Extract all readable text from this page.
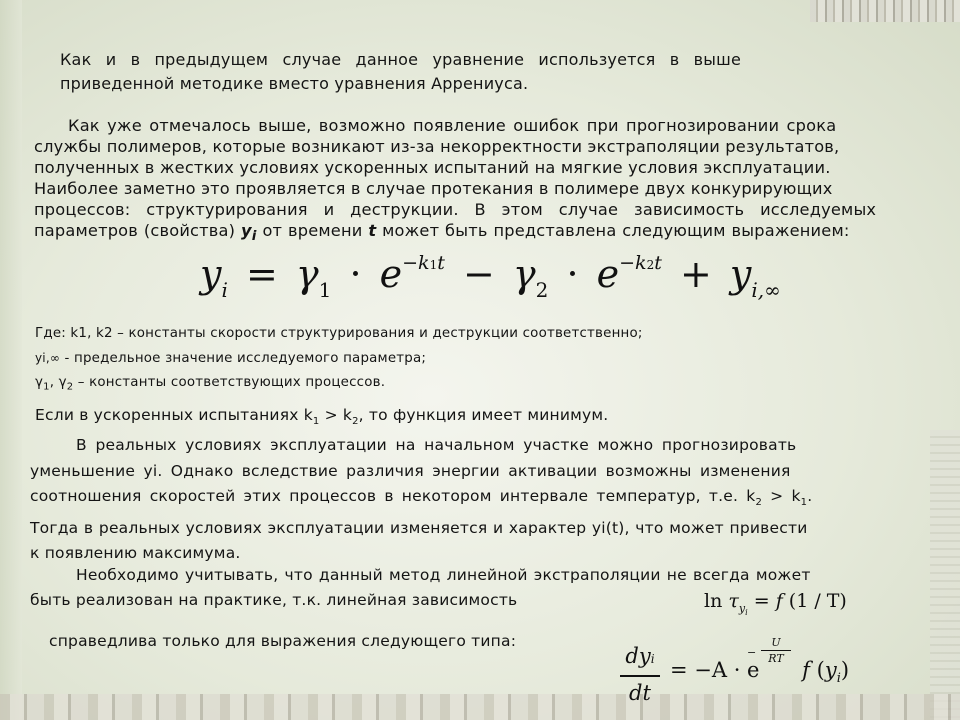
Как и в предыдущем случае данное уравнение используется в выше
приведенной методике вместо уравнения Аррениуса.
Как уже отмечалось выше, возможно появление ошибок при прогнозировании срока
службы полимеров, которые возникают из-за некорректности экстраполяции результатов,
полученных в жестких условиях ускоренных испытаний на мягкие условия эксплуатации.
Наиболее заметно это проявляется в случае протекания в полимере двух конкурирующих
процессов: структурирования и деструкции. В этом случае зависимость исследуемых
параметров (свойства) $y_i$ от времени t может быть представлена следующим выражением:
$y_i = \gamma_1 \cdot e^{-k1t} - \gamma_2 \cdot e^{-k2t} + y_{i,\infty}$
Где: k1, k2 – константы скорости структурирования и деструкции соответственно;
yi,∞ - предельное значение исследуемого параметра;
$\gamma_1$, $\gamma_2$ – константы соответствующих процессов.
Если в ускоренных испытаниях $k_1 > k_2$, то функция имеет минимум.
В реальных условиях эксплуатации на начальном участке можно прогнозировать
уменьшение yi. Однако вследствие различия энергии активации возможны изменения
соотношения скоростей этих процессов в некотором интервале температур, т.е. $k_2 > k_1$.
Тогда в реальных условиях эксплуатации изменяется и характер yi(t), что может привести
к появлению максимума.
Необходимо учитывать, что данный метод линейной экстраполяции не всегда может
быть реализован на практике, т.к. линейная зависимость	$\ln \tau_{yi} = f$ (1 / T)
справедлива только для выражения следующего типа:
dyi
dt
−
U
RT
= −A · e f $(y_i)$
